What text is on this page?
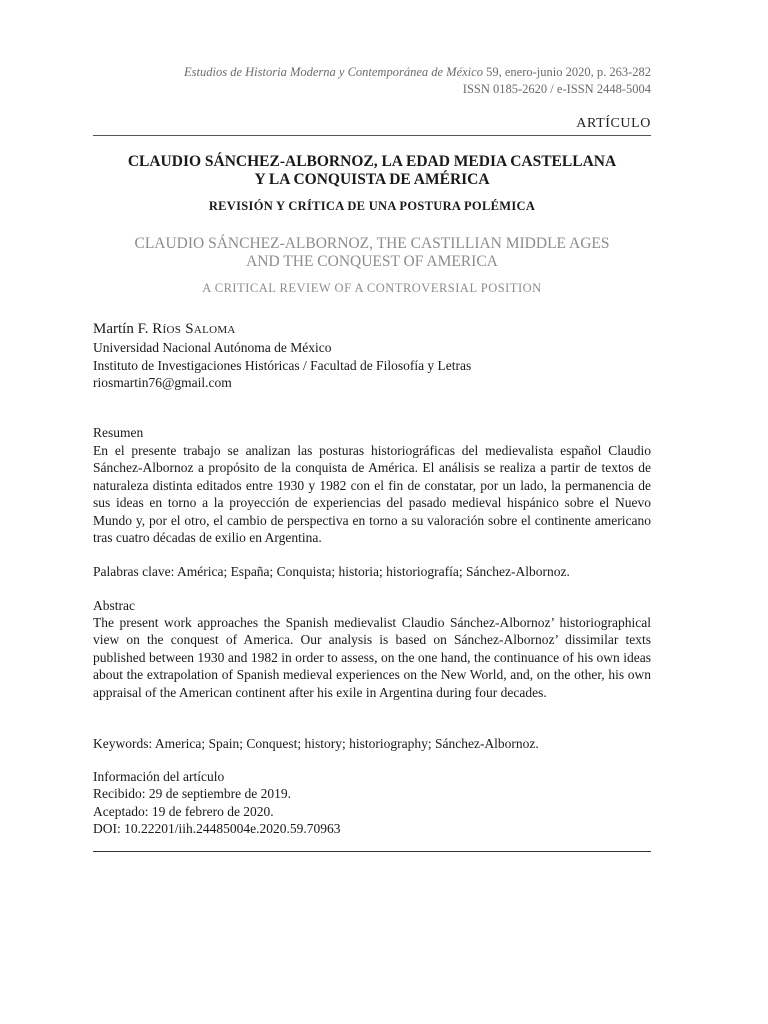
Estudios de Historia Moderna y Contemporánea de México 59, enero-junio 2020, p. 263-282
ISSN 0185-2620 / e-ISSN 2448-5004
ARTÍCULO
CLAUDIO SÁNCHEZ-ALBORNOZ, LA EDAD MEDIA CASTELLANA
Y LA CONQUISTA DE AMÉRICA
REVISIÓN Y CRÍTICA DE UNA POSTURA POLÉMICA
CLAUDIO SÁNCHEZ-ALBORNOZ, THE CASTILLIAN MIDDLE AGES
AND THE CONQUEST OF AMERICA
A CRITICAL REVIEW OF A CONTROVERSIAL POSITION
Martín F. Ríos Saloma
Universidad Nacional Autónoma de México
Instituto de Investigaciones Históricas / Facultad de Filosofía y Letras
riosmartin76@gmail.com
Resumen
En el presente trabajo se analizan las posturas historiográficas del medievalista español Claudio Sánchez-Albornoz a propósito de la conquista de América. El análisis se realiza a partir de textos de naturaleza distinta editados entre 1930 y 1982 con el fin de constatar, por un lado, la permanencia de sus ideas en torno a la proyección de experiencias del pasado medieval hispánico sobre el Nuevo Mundo y, por el otro, el cambio de perspectiva en torno a su valoración sobre el continente americano tras cuatro décadas de exilio en Argentina.
Palabras clave: América; España; Conquista; historia; historiografía; Sánchez-Albornoz.
Abstrac
The present work approaches the Spanish medievalist Claudio Sánchez-Albornoz’ historiographical view on the conquest of America. Our analysis is based on Sánchez-Albornoz’ dissimilar texts published between 1930 and 1982 in order to assess, on the one hand, the continuance of his own ideas about the extrapolation of Spanish medieval experiences on the New World, and, on the other, his own appraisal of the American continent after his exile in Argentina during four decades.
Keywords: America; Spain; Conquest; history; historiography; Sánchez-Albornoz.
Información del artículo
Recibido: 29 de septiembre de 2019.
Aceptado: 19 de febrero de 2020.
DOI: 10.22201/iih.24485004e.2020.59.70963
